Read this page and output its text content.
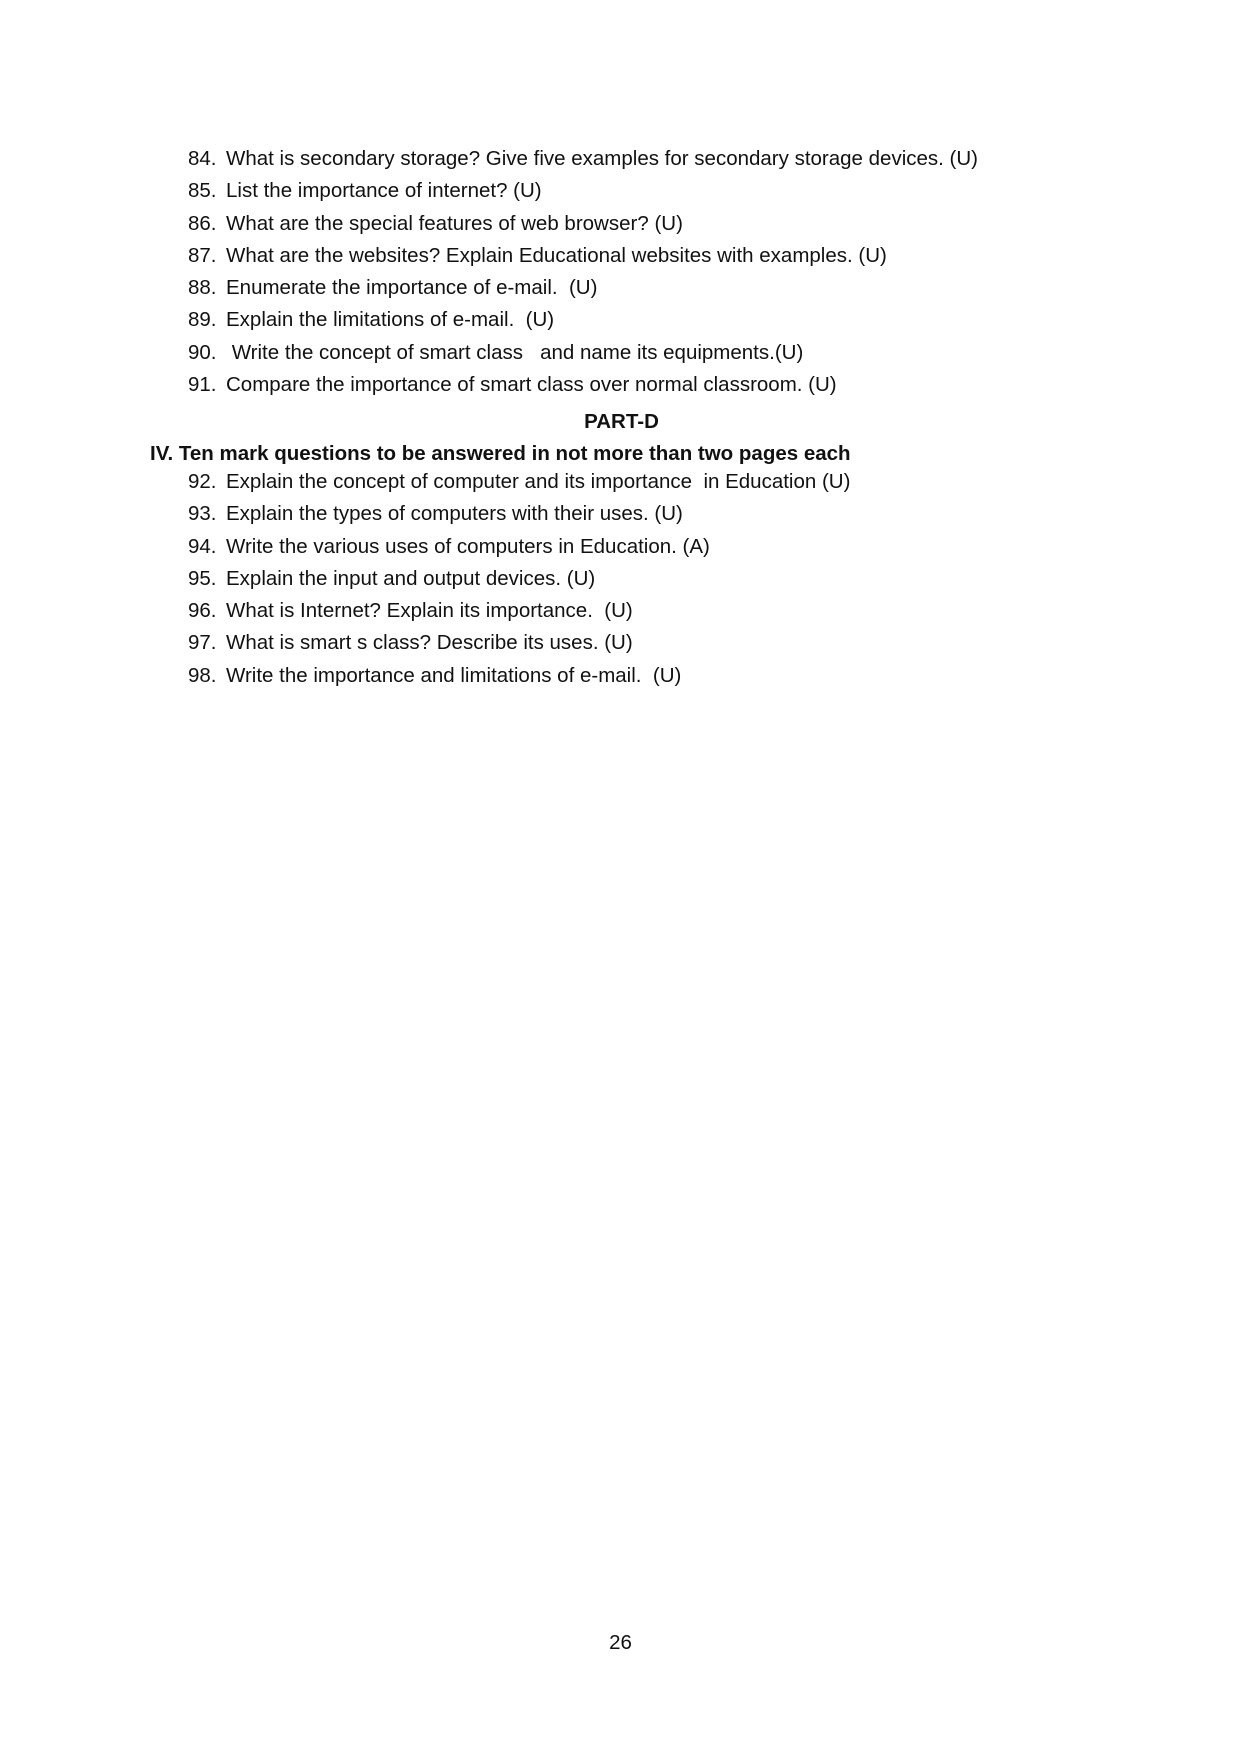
84.

What is secondary storage? Give five examples for secondary storage devices. (U)

85.

List the importance of internet? (U)

86.

What are the special features of web browser? (U)

87.

What are the websites? Explain Educational websites with examples. (U)

88.

Enumerate the importance of e-mail.  (U)

89.

Explain the limitations of e-mail.  (U)

90.

Write the concept of smart class   and name its equipments.(U)

91.

Compare the importance of smart class over normal classroom. (U)

PART-D
IV. Ten mark questions to be answered in not more than two pages each

92.

Explain the concept of computer and its importance  in Education (U)

93.

Explain the types of computers with their uses. (U)

94.

Write the various uses of computers in Education. (A)

95.

Explain the input and output devices. (U)

96.

What is Internet? Explain its importance.  (U)

97.

What is smart s class? Describe its uses. (U)

98.

Write the importance and limitations of e-mail.  (U)

26
